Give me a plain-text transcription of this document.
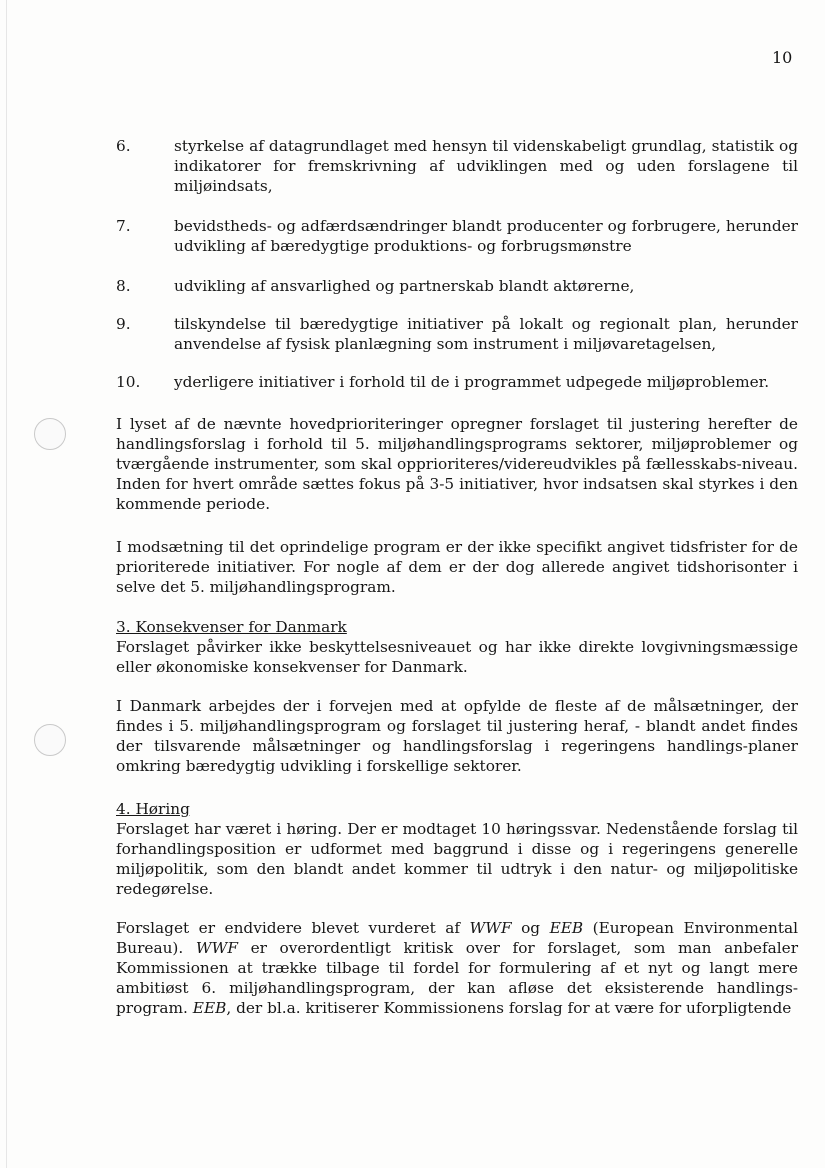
10
6.	styrkelse af datagrundlaget med hensyn til videnskabeligt grundlag, statistik og indikatorer for fremskrivning af udviklingen med og uden forslagene til miljøindsats,
7.	bevidstheds- og adfærdsændringer blandt producenter og forbrugere, herunder udvikling af bæredygtige produktions- og forbrugsmønstre
8.	udvikling af ansvarlighed og partnerskab blandt aktørerne,
9.	tilskyndelse til bæredygtige initiativer på lokalt og regionalt plan, herunder anvendelse af fysisk planlægning som instrument i miljøvaretagelsen,
10.	yderligere initiativer i forhold til de i programmet udpegede miljøproblemer.

I lyset af de nævnte hovedprioriteringer opregner forslaget til justering herefter de handlingsforslag i forhold til 5. miljøhandlingsprograms sektorer, miljøproblemer og tværgående instrumenter, som skal opprioriteres/videreudvikles på fællesskabs-niveau. Inden for hvert område sættes fokus på 3-5 initiativer, hvor indsatsen skal styrkes i den kommende periode.

I modsætning til det oprindelige program er der ikke specifikt angivet tidsfrister for de prioriterede initiativer. For nogle af dem er der dog allerede angivet tidshorisonter i selve det 5. miljøhandlingsprogram.

3. Konsekvenser for Danmark
Forslaget påvirker ikke beskyttelsesniveauet og har ikke direkte lovgivningsmæssige eller økonomiske konsekvenser for Danmark.

I Danmark arbejdes der i forvejen med at opfylde de fleste af de målsætninger, der findes i 5. miljøhandlingsprogram og forslaget til justering heraf, - blandt andet findes der tilsvarende målsætninger og handlingsforslag i regeringens handlings-planer omkring bæredygtig udvikling i forskellige sektorer.

4. Høring
Forslaget har været i høring. Der er modtaget 10 høringssvar. Nedenstående forslag til forhandlingsposition er udformet med baggrund i disse og i regeringens generelle miljøpolitik, som den blandt andet kommer til udtryk i den natur- og miljøpolitiske redegørelse.

Forslaget er endvidere blevet vurderet af WWF og EEB (European Environmental Bureau). WWF er overordentligt kritisk over for forslaget, som man anbefaler Kommissionen at trække tilbage til fordel for formulering af et nyt og langt mere ambitiøst 6. miljøhandlingsprogram, der kan afløse det eksisterende handlings-program. EEB, der bl.a. kritiserer Kommissionens forslag for at være for uforpligtende
